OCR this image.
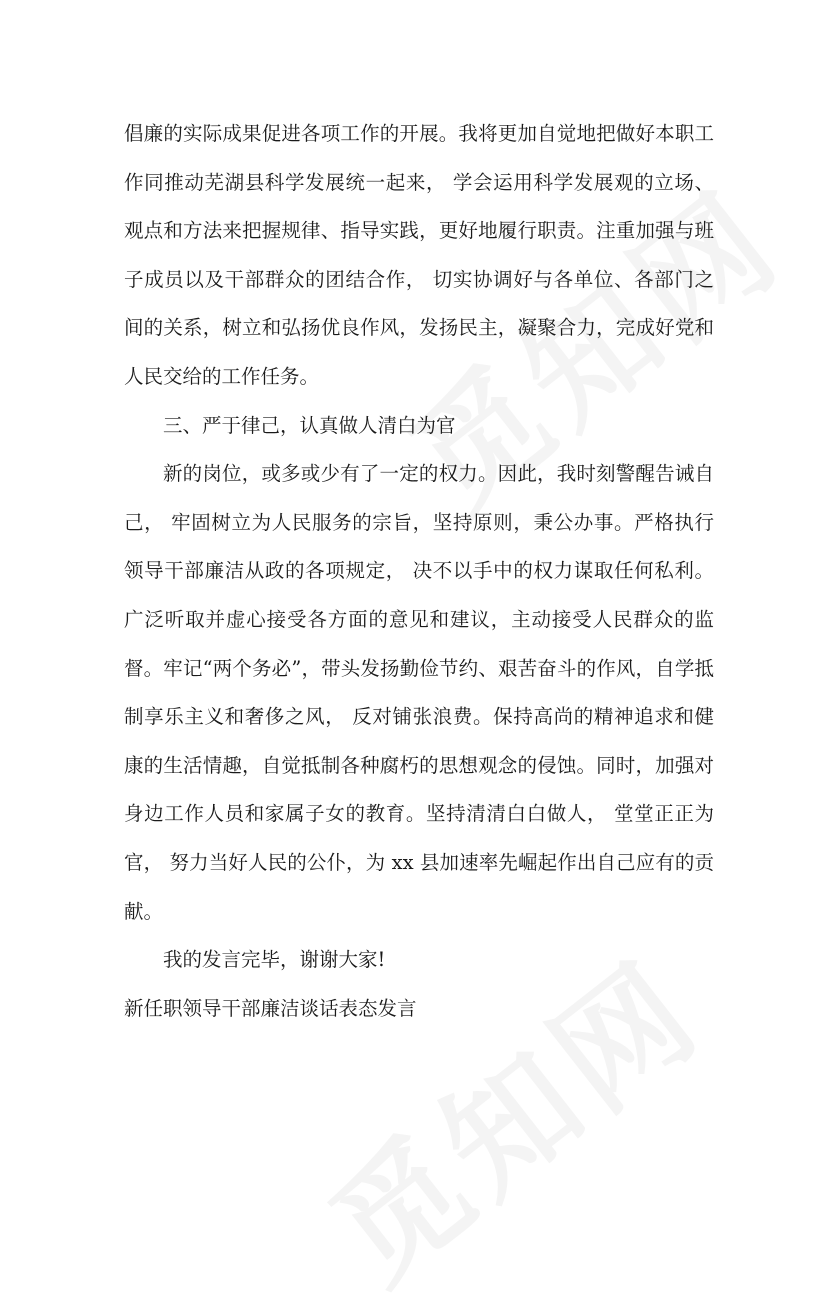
倡廉的实际成果促进各项工作的开展。我将更加自觉地把做好本职工作同推动芜湖县科学发展统一起来， 学会运用科学发展观的立场、观点和方法来把握规律、指导实践，更好地履行职责。注重加强与班子成员以及干部群众的团结合作， 切实协调好与各单位、各部门之间的关系，树立和弘扬优良作风，发扬民主，凝聚合力，完成好党和人民交给的工作任务。

三、严于律己，认真做人清白为官

新的岗位，或多或少有了一定的权力。因此，我时刻警醒告诫自己， 牢固树立为人民服务的宗旨，坚持原则，秉公办事。严格执行领导干部廉洁从政的各项规定， 决不以手中的权力谋取任何私利。广泛听取并虚心接受各方面的意见和建议，主动接受人民群众的监督。牢记“两个务必”，带头发扬勤俭节约、艰苦奋斗的作风，自学抵制享乐主义和奢侈之风， 反对铺张浪费。保持高尚的精神追求和健康的生活情趣，自觉抵制各种腐朽的思想观念的侵蚀。同时，加强对身边工作人员和家属子女的教育。坚持清清白白做人， 堂堂正正为官， 努力当好人民的公仆，为 xx 县加速率先崛起作出自己应有的贡献。

我的发言完毕，谢谢大家!

新任职领导干部廉洁谈话表态发言
